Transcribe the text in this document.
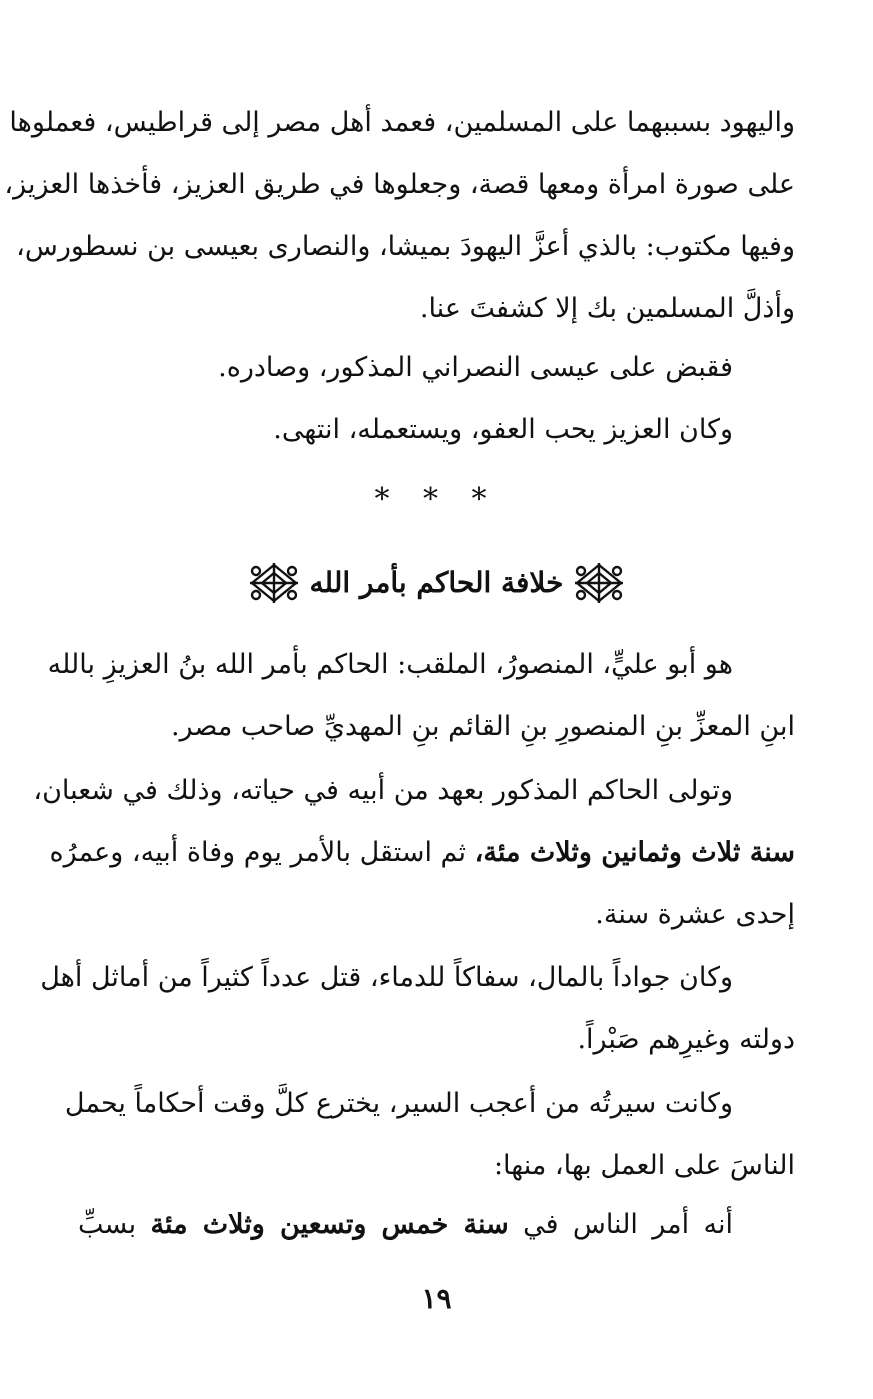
واليهود بسببهما على المسلمين، فعمد أهل مصر إلى قراطيس، فعملوها
على صورة امرأة ومعها قصة، وجعلوها في طريق العزيز، فأخذها العزيز،
وفيها مكتوب: بالذي أعزَّ اليهودَ بميشا، والنصارى بعيسى بن نسطورس،
وأذلَّ المسلمين بك إلا كشفتَ عنا.
فقبض على عيسى النصراني المذكور، وصادره.
وكان العزيز يحب العفو، ويستعمله، انتهى.
* * *
خلافة الحاكم بأمر الله
هو أبو عليٍّ، المنصورُ، الملقب: الحاكم بأمر الله بنُ العزيزِ بالله
ابنِ المعزِّ بنِ المنصورِ بنِ القائم بنِ المهديِّ صاحب مصر.
وتولى الحاكم المذكور بعهد من أبيه في حياته، وذلك في شعبان،
سنة ثلاث وثمانين وثلاث مئة، ثم استقل بالأمر يوم وفاة أبيه، وعمرُه
إحدى عشرة سنة.
وكان جواداً بالمال، سفاكاً للدماء، قتل عدداً كثيراً من أماثل أهل
دولته وغيرِهم صَبْراً.
وكانت سيرتُه من أعجب السير، يخترع كلَّ وقت أحكاماً يحمل
الناسَ على العمل بها، منها:
أنه أمر الناس في سنة خمس وتسعين وثلاث مئة بسبِّ
١٩
